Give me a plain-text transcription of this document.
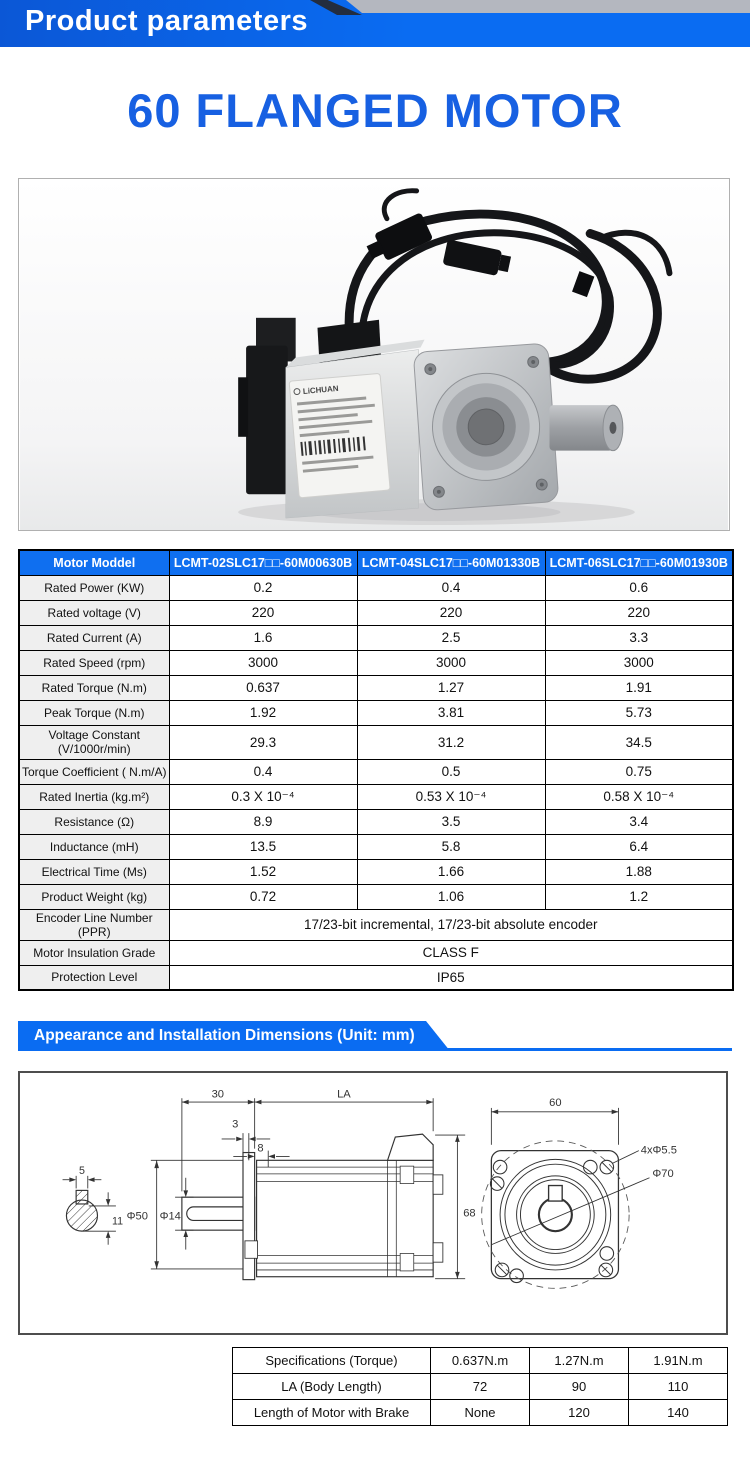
Product parameters
60 FLANGED MOTOR
LiCHUAN
Motor Moddel	LCMT-02SLC17□□-60M00630B	LCMT-04SLC17□□-60M01330B	LCMT-06SLC17□□-60M01930B
Rated Power (KW)	0.2	0.4	0.6
Rated voltage (V)	220	220	220
Rated Current (A)	1.6	2.5	3.3
Rated Speed (rpm)	3000	3000	3000
Rated Torque (N.m)	0.637	1.27	1.91
Peak Torque (N.m)	1.92	3.81	5.73
Voltage Constant (V/1000r/min)	29.3	31.2	34.5
Torque Coefficient ( N.m/A)	0.4	0.5	0.75
Rated Inertia (kg.m²)	0.3 X 10⁻⁴	0.53 X 10⁻⁴	0.58 X 10⁻⁴
Resistance (Ω)	8.9	3.5	3.4
Inductance (mH)	13.5	5.8	6.4
Electrical Time (Ms)	1.52	1.66	1.88
Product Weight (kg)	0.72	1.06	1.2
Encoder Line Number (PPR)	17/23-bit incremental, 17/23-bit absolute encoder		
Motor Insulation Grade	CLASS F		
Protection Level	IP65		
Appearance and Installation Dimensions (Unit: mm)
5
11
30	LA
3
8
Φ50 Φ14	68
60
4xΦ5.5
Φ70
Specifications (Torque)	0.637N.m	1.27N.m	1.91N.m
LA (Body Length)	72	90	110
Length of Motor with Brake	None	120	140
